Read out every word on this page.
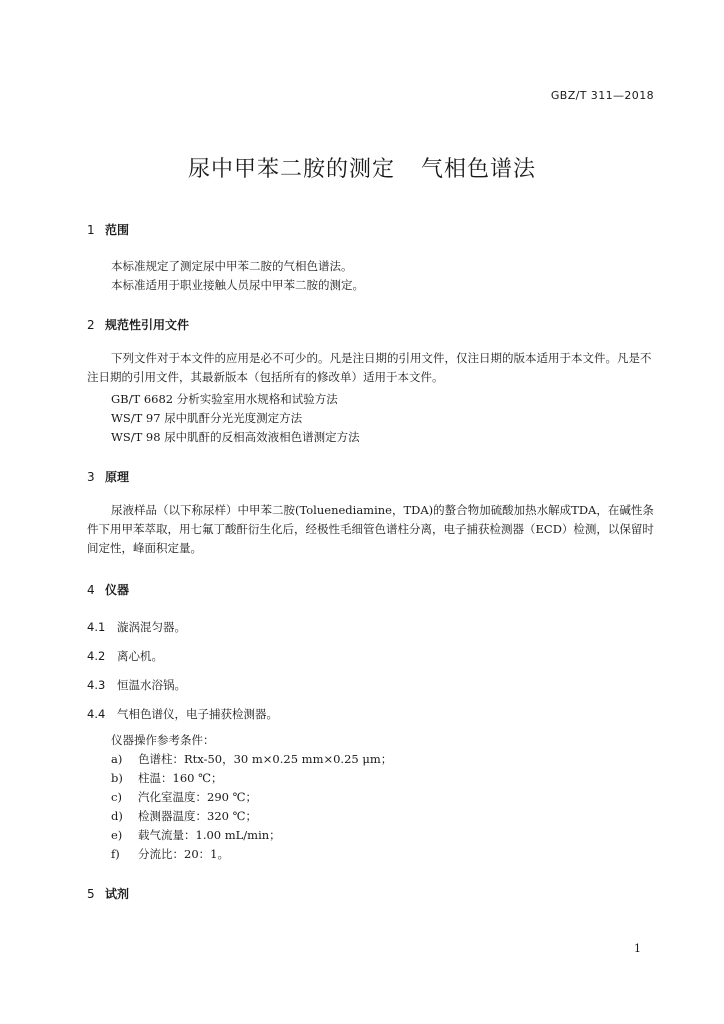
GBZ/T 311—2018
尿中甲苯二胺的测定 气相色谱法
1 范围
本标准规定了测定尿中甲苯二胺的气相色谱法。
本标准适用于职业接触人员尿中甲苯二胺的测定。
2 规范性引用文件
下列文件对于本文件的应用是必不可少的。凡是注日期的引用文件，仅注日期的版本适用于本文件。凡是不注日期的引用文件，其最新版本（包括所有的修改单）适用于本文件。
GB/T 6682 分析实验室用水规格和试验方法
WS/T 97 尿中肌酐分光光度测定方法
WS/T 98 尿中肌酐的反相高效液相色谱测定方法
3 原理
尿液样品（以下称尿样）中甲苯二胺(Toluenediamine，TDA)的螯合物加硫酸加热水解成TDA，在碱性条件下用甲苯萃取，用七氟丁酸酐衍生化后，经极性毛细管色谱柱分离，电子捕获检测器（ECD）检测，以保留时间定性，峰面积定量。
4 仪器
4.1 漩涡混匀器。
4.2 离心机。
4.3 恒温水浴锅。
4.4 气相色谱仪，电子捕获检测器。
仪器操作参考条件：
a) 色谱柱：Rtx-50，30 m×0.25 mm×0.25 μm；
b) 柱温：160 ℃；
c) 汽化室温度：290 ℃；
d) 检测器温度：320 ℃；
e) 载气流量：1.00 mL/min；
f) 分流比：20：1。
5 试剂
1
